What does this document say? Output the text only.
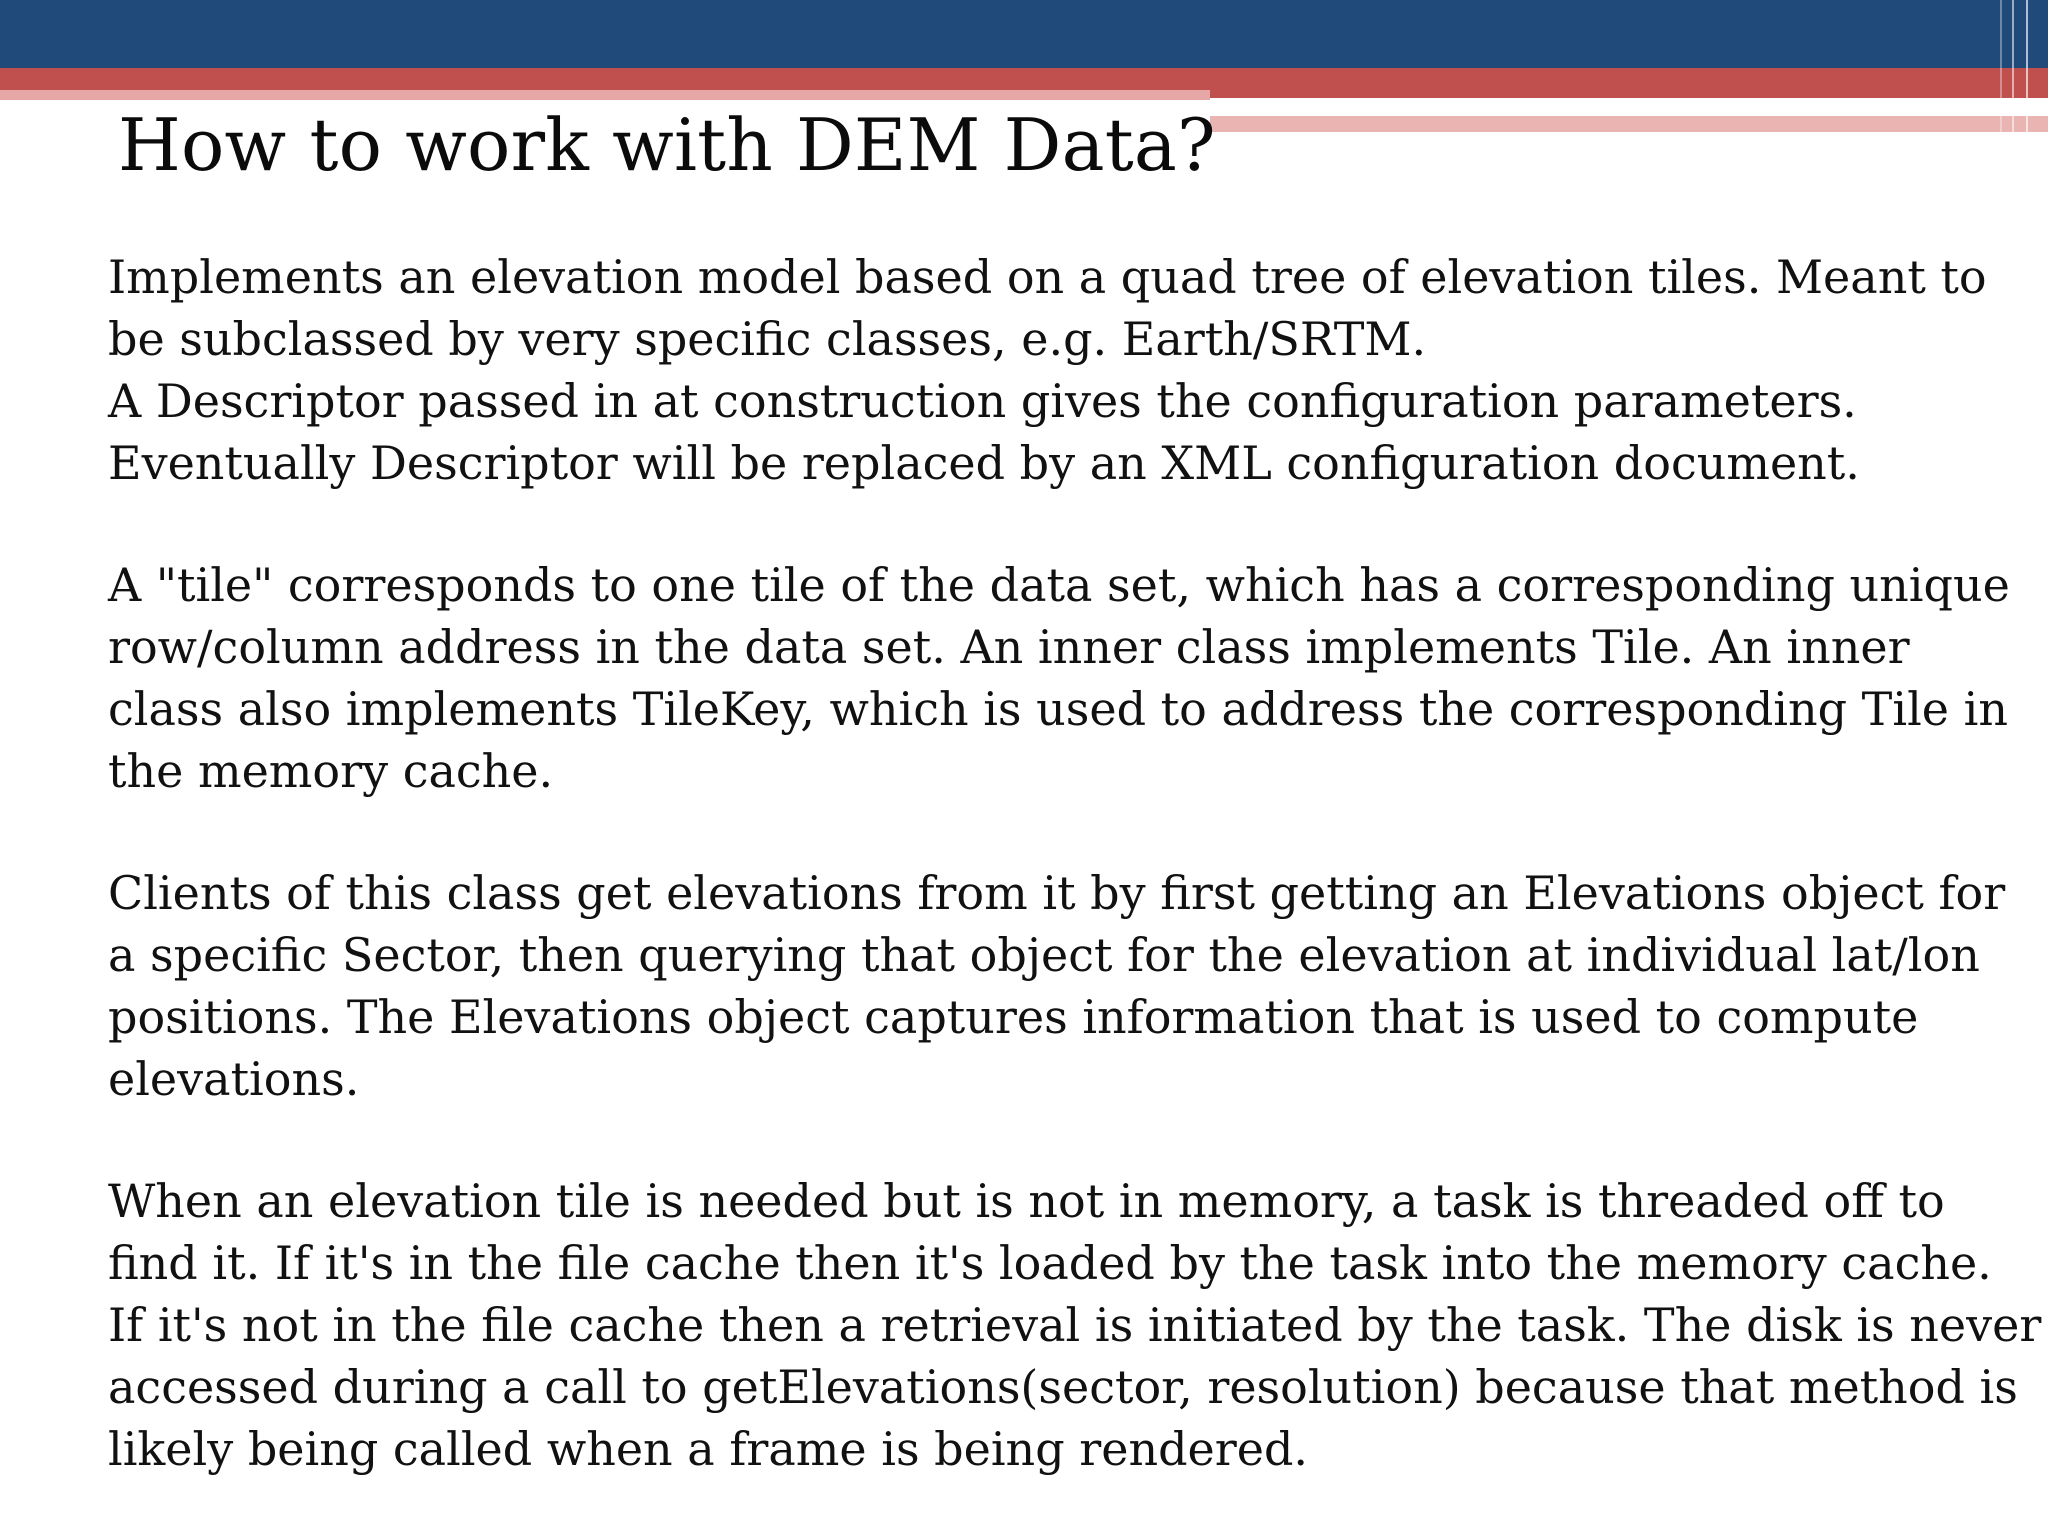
How to work with DEM Data?

Implements an elevation model based on a quad tree of elevation tiles. Meant to
be subclassed by very specific classes, e.g. Earth/SRTM.
A Descriptor passed in at construction gives the configuration parameters.
Eventually Descriptor will be replaced by an XML configuration document.

A "tile" corresponds to one tile of the data set, which has a corresponding unique
row/column address in the data set. An inner class implements Tile. An inner
class also implements TileKey, which is used to address the corresponding Tile in
the memory cache.

Clients of this class get elevations from it by first getting an Elevations object for
a specific Sector, then querying that object for the elevation at individual lat/lon
positions. The Elevations object captures information that is used to compute
elevations.

When an elevation tile is needed but is not in memory, a task is threaded off to
find it. If it's in the file cache then it's loaded by the task into the memory cache.
If it's not in the file cache then a retrieval is initiated by the task. The disk is never
accessed during a call to getElevations(sector, resolution) because that method is
likely being called when a frame is being rendered.
